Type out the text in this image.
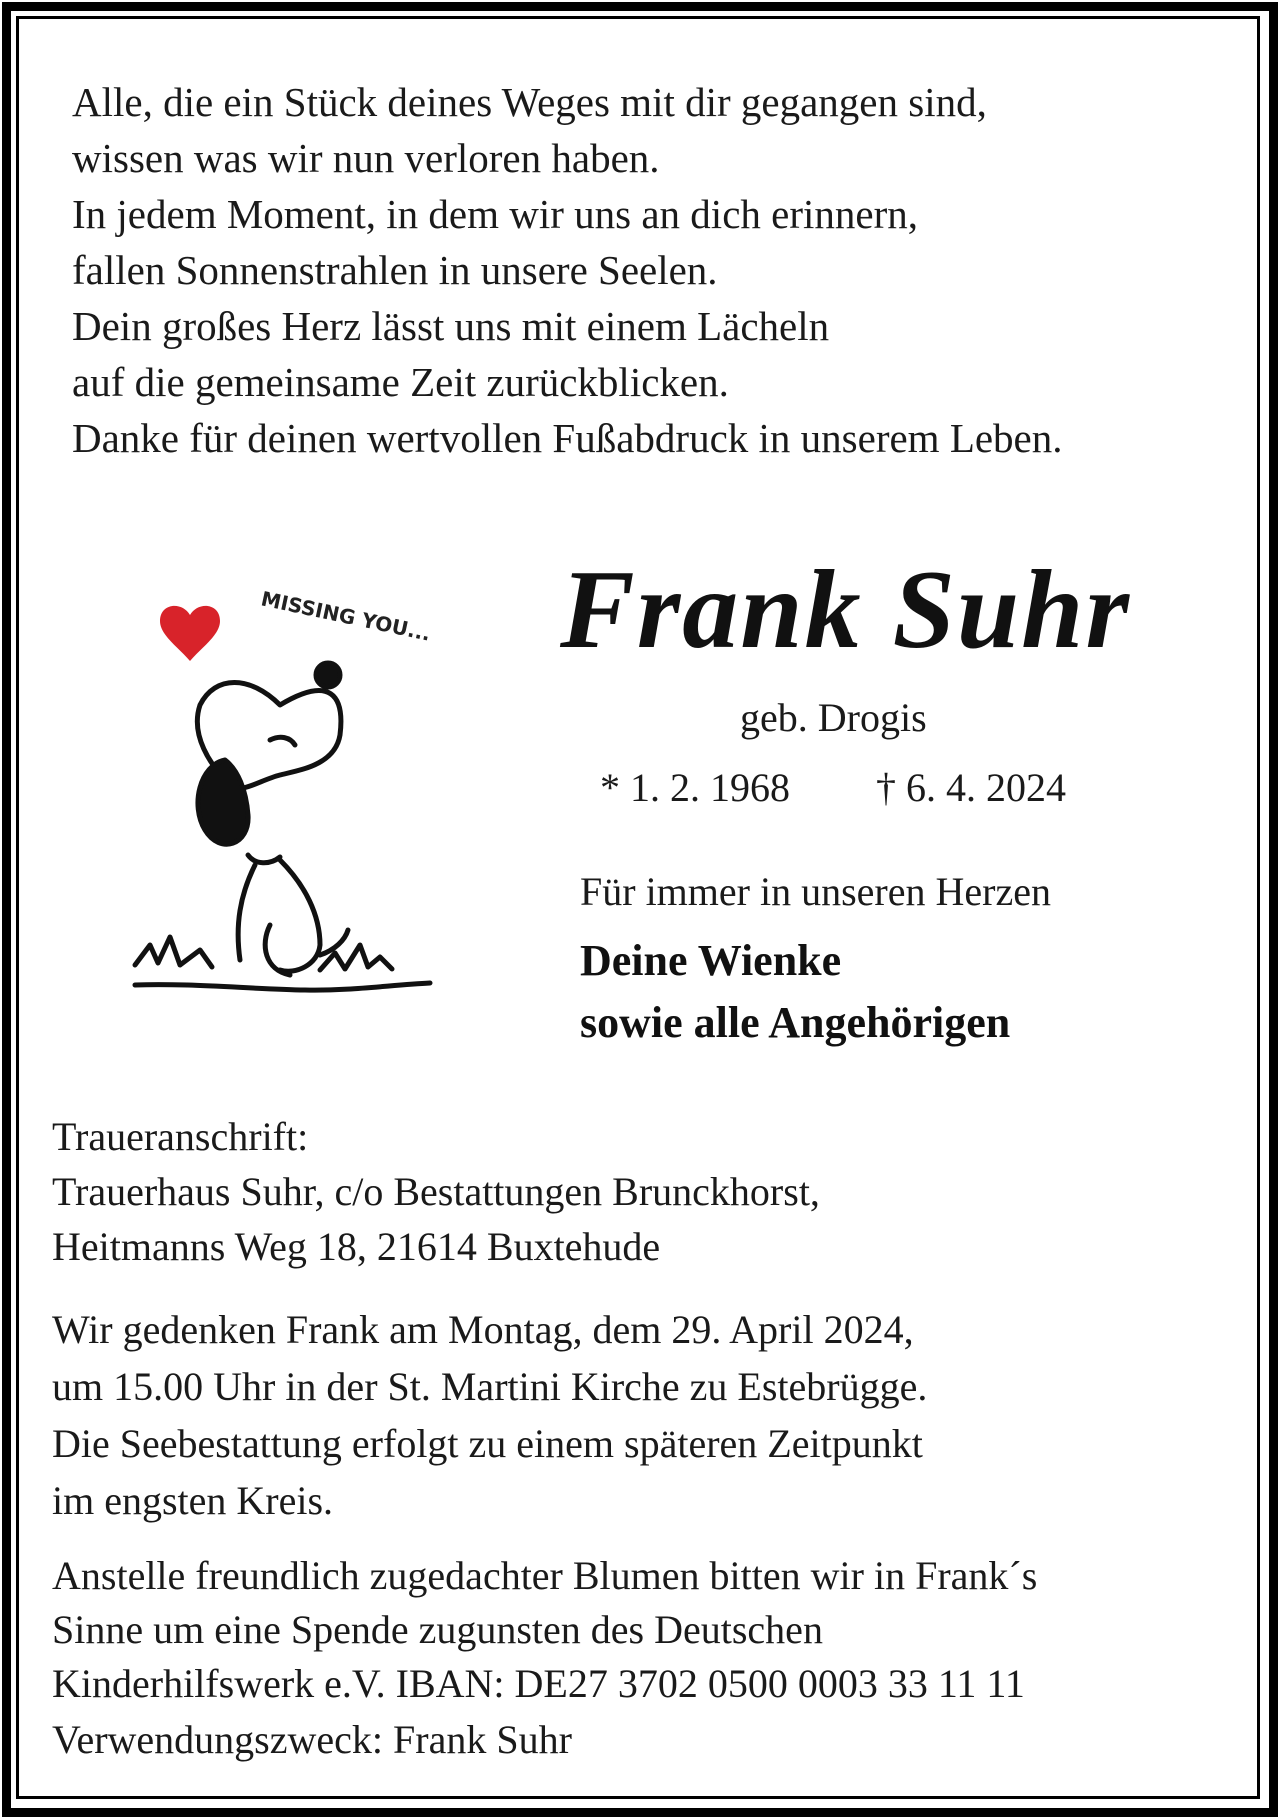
Alle, die ein Stück deines Weges mit dir gegangen sind,
wissen was wir nun verloren haben.
In jedem Moment, in dem wir uns an dich erinnern,
fallen Sonnenstrahlen in unsere Seelen.
Dein großes Herz lässt uns mit einem Lächeln
auf die gemeinsame Zeit zurückblicken.
Danke für deinen wertvollen Fußabdruck in unserem Leben.
MISSING YOU... Frank Suhr
geb. Drogis
* 1. 2. 1968 † 6. 4. 2024
Für immer in unseren Herzen
Deine Wienke
sowie alle Angehörigen
Traueranschrift:
Trauerhaus Suhr, c/o Bestattungen Brunckhorst,
Heitmanns Weg 18, 21614 Buxtehude
Wir gedenken Frank am Montag, dem 29. April 2024,
um 15.00 Uhr in der St. Martini Kirche zu Estebrügge.
Die Seebestattung erfolgt zu einem späteren Zeitpunkt
im engsten Kreis.
Anstelle freundlich zugedachter Blumen bitten wir in Frank´s
Sinne um eine Spende zugunsten des Deutschen
Kinderhilfswerk e.V. IBAN: DE27 3702 0500 0003 33 11 11
Verwendungszweck: Frank Suhr
